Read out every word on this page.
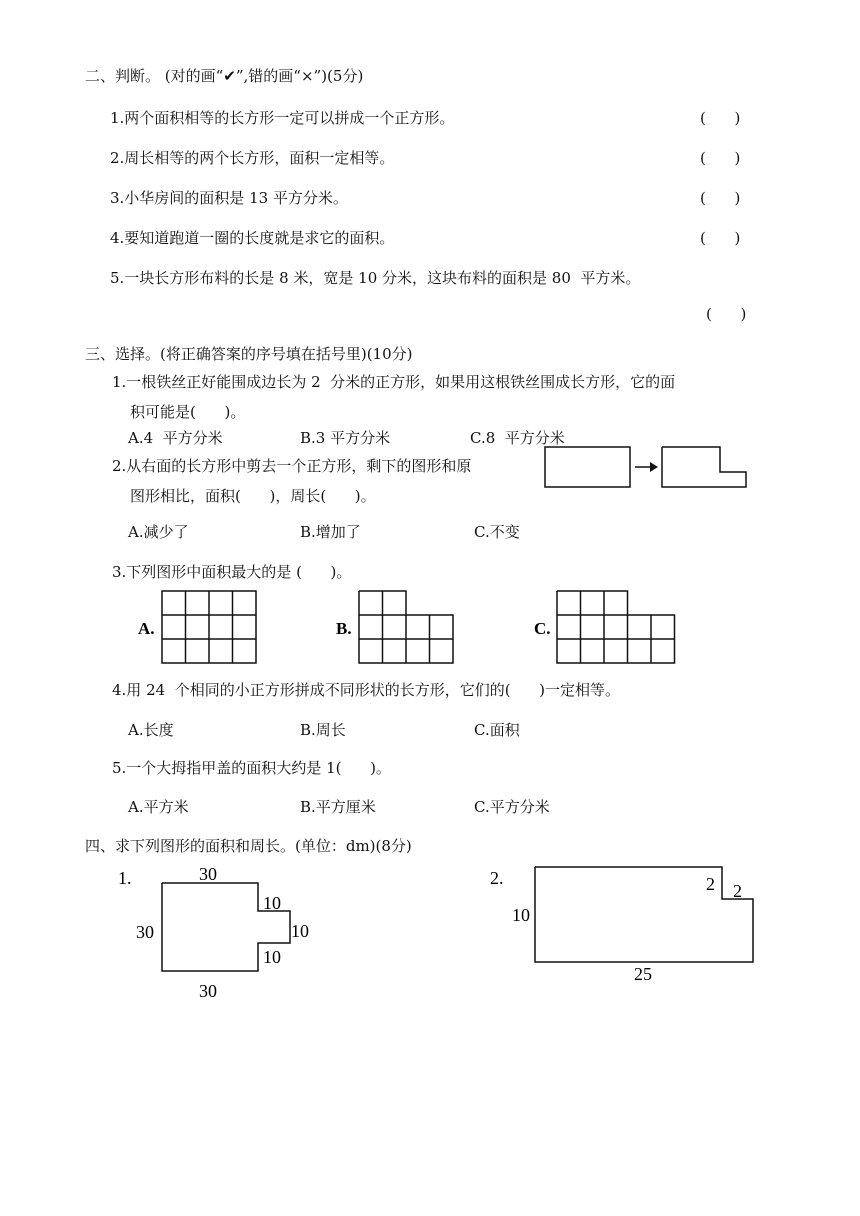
二、判断。 (对的画“✔”,错的画“×”)(5分)
1.两个面积相等的长方形一定可以拼成一个正方形。	(      )
2.周长相等的两个长方形，面积一定相等。	(      )
3.小华房间的面积是 13 平方分米。	(      )
4.要知道跑道一圈的长度就是求它的面积。	(      )
5.一块长方形布料的长是 8 米，宽是 10 分米，这块布料的面积是 80  平方米。
(      )
三、选择。(将正确答案的序号填在括号里)(10分)
1.一根铁丝正好能围成边长为 2  分米的正方形，如果用这根铁丝围成长方形，它的面
积可能是(      )。
A.4  平方分米	B.3 平方分米	C.8  平方分米
2.从右面的长方形中剪去一个正方形，剩下的图形和原
图形相比，面积(      )，周长(      )。
A.减少了	B.增加了	C.不变
3.下列图形中面积最大的是 (      )。
A.	B.	C.
4.用 24  个相同的小正方形拼成不同形状的长方形，它们的(      )一定相等。
A.长度	B.周长	C.面积
5.一个大拇指甲盖的面积大约是 1(      )。
A.平方米	B.平方厘米	C.平方分米
四、求下列图形的面积和周长。(单位：dm)(8分)
1.	30
30
30
10
10
10
2.
10
25
2 2
